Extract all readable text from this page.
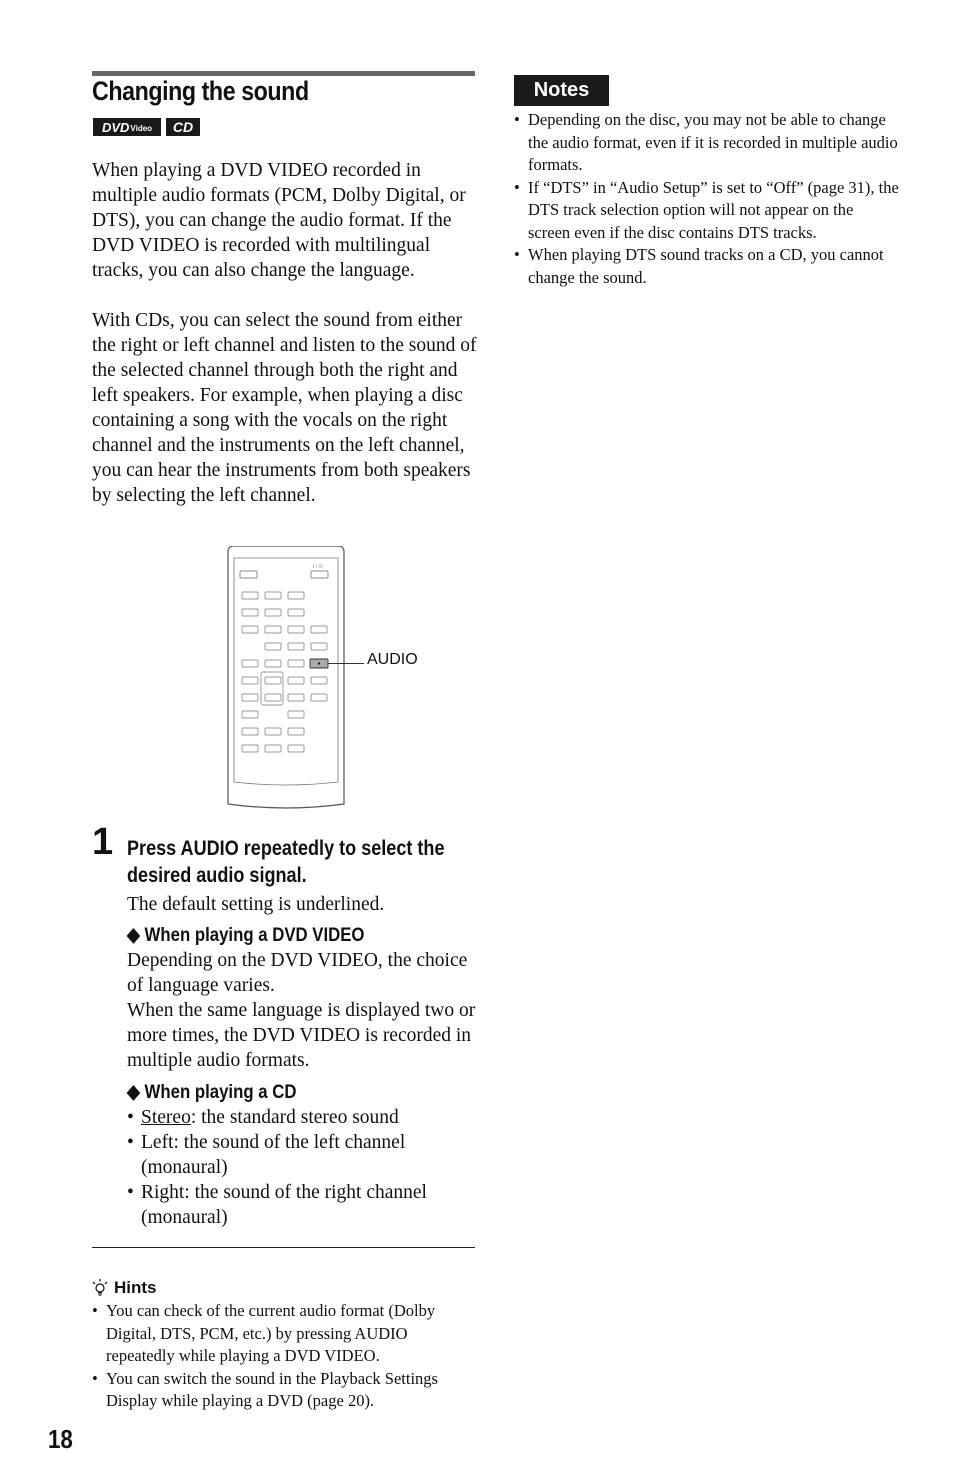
Changing the sound
DVD Video	CD
When playing a DVD VIDEO recorded in multiple audio formats (PCM, Dolby Digital, or DTS), you can change the audio format. If the DVD VIDEO is recorded with multilingual tracks, you can also change the language.
With CDs, you can select the sound from either the right or left channel and listen to the sound of the selected channel through both the right and left speakers. For example, when playing a disc containing a song with the vocals on the right channel and the instruments on the left channel, you can hear the instruments from both speakers by selecting the left channel.
I / ⏻
AUDIO
1 Press AUDIO repeatedly to select the desired audio signal.
The default setting is underlined.
◆ When playing a DVD VIDEO
Depending on the DVD VIDEO, the choice of language varies.
When the same language is displayed two or more times, the DVD VIDEO is recorded in multiple audio formats.
◆ When playing a CD
• Stereo: the standard stereo sound
• Left: the sound of the left channel (monaural)
• Right: the sound of the right channel (monaural)
Hints
• You can check of the current audio format (Dolby Digital, DTS, PCM, etc.) by pressing AUDIO repeatedly while playing a DVD VIDEO.
• You can switch the sound in the Playback Settings Display while playing a DVD (page 20).
Notes
• Depending on the disc, you may not be able to change the audio format, even if it is recorded in multiple audio formats.
• If “DTS” in “Audio Setup” is set to “Off” (page 31), the DTS track selection option will not appear on the screen even if the disc contains DTS tracks.
• When playing DTS sound tracks on a CD, you cannot change the sound.
18
